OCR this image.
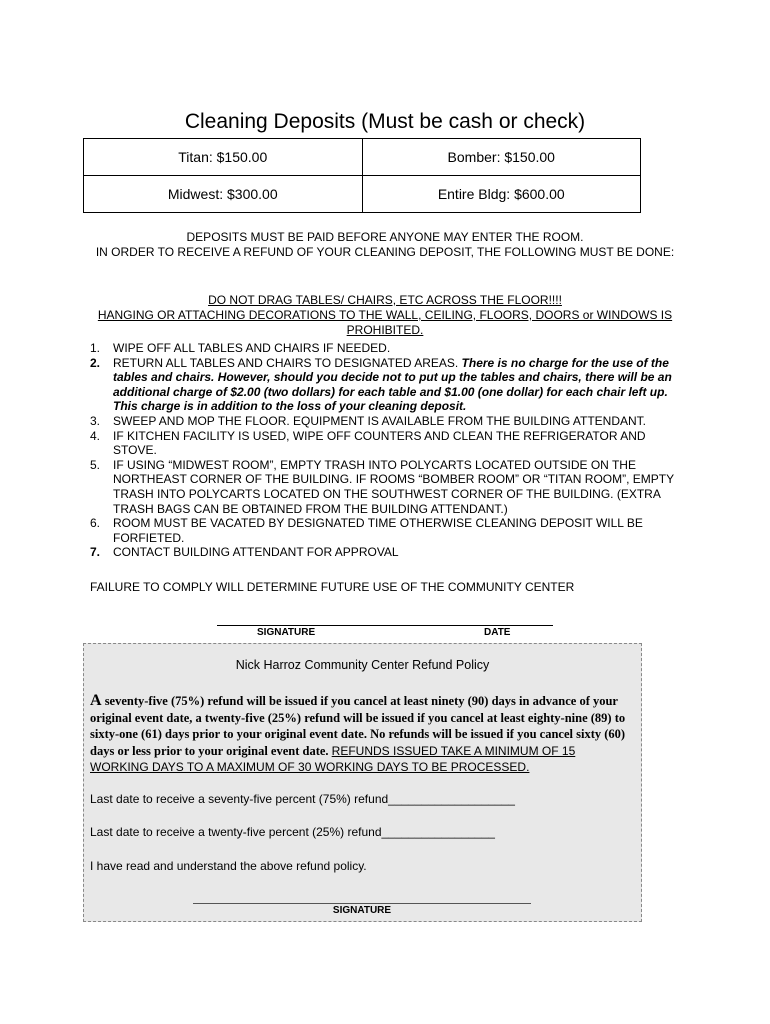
Cleaning Deposits (Must be cash or check)
Titan: $150.00	Bomber: $150.00
Midwest: $300.00	Entire Bldg: $600.00
DEPOSITS MUST BE PAID BEFORE ANYONE MAY ENTER THE ROOM.
IN ORDER TO RECEIVE A REFUND OF YOUR CLEANING DEPOSIT, THE FOLLOWING MUST BE DONE:
DO NOT DRAG TABLES/ CHAIRS, ETC ACROSS THE FLOOR!!!!
HANGING OR ATTACHING DECORATIONS TO THE WALL, CEILING, FLOORS, DOORS or WINDOWS IS PROHIBITED.
1. WIPE OFF ALL TABLES AND CHAIRS IF NEEDED.
2. RETURN ALL TABLES AND CHAIRS TO DESIGNATED AREAS. There is no charge for the use of the tables and chairs. However, should you decide not to put up the tables and chairs, there will be an additional charge of $2.00 (two dollars) for each table and $1.00 (one dollar) for each chair left up. This charge is in addition to the loss of your cleaning deposit.
3. SWEEP AND MOP THE FLOOR. EQUIPMENT IS AVAILABLE FROM THE BUILDING ATTENDANT.
4. IF KITCHEN FACILITY IS USED, WIPE OFF COUNTERS AND CLEAN THE REFRIGERATOR AND STOVE.
5. IF USING “MIDWEST ROOM”, EMPTY TRASH INTO POLYCARTS LOCATED OUTSIDE ON THE NORTHEAST CORNER OF THE BUILDING. IF ROOMS “BOMBER ROOM” OR “TITAN ROOM”, EMPTY TRASH INTO POLYCARTS LOCATED ON THE SOUTHWEST CORNER OF THE BUILDING. (EXTRA TRASH BAGS CAN BE OBTAINED FROM THE BUILDING ATTENDANT.)
6. ROOM MUST BE VACATED BY DESIGNATED TIME OTHERWISE CLEANING DEPOSIT WILL BE FORFIETED.
7. CONTACT BUILDING ATTENDANT FOR APPROVAL
FAILURE TO COMPLY WILL DETERMINE FUTURE USE OF THE COMMUNITY CENTER
SIGNATURE	DATE
Nick Harroz Community Center Refund Policy
A seventy-five (75%) refund will be issued if you cancel at least ninety (90) days in advance of your original event date, a twenty-five (25%) refund will be issued if you cancel at least eighty-nine (89) to sixty-one (61) days prior to your original event date. No refunds will be issued if you cancel sixty (60) days or less prior to your original event date. REFUNDS ISSUED TAKE A MINIMUM OF 15 WORKING DAYS TO A MAXIMUM OF 30 WORKING DAYS TO BE PROCESSED.
Last date to receive a seventy-five percent (75%) refund___________________
Last date to receive a twenty-five percent (25%) refund_________________
I have read and understand the above refund policy.
SIGNATURE
